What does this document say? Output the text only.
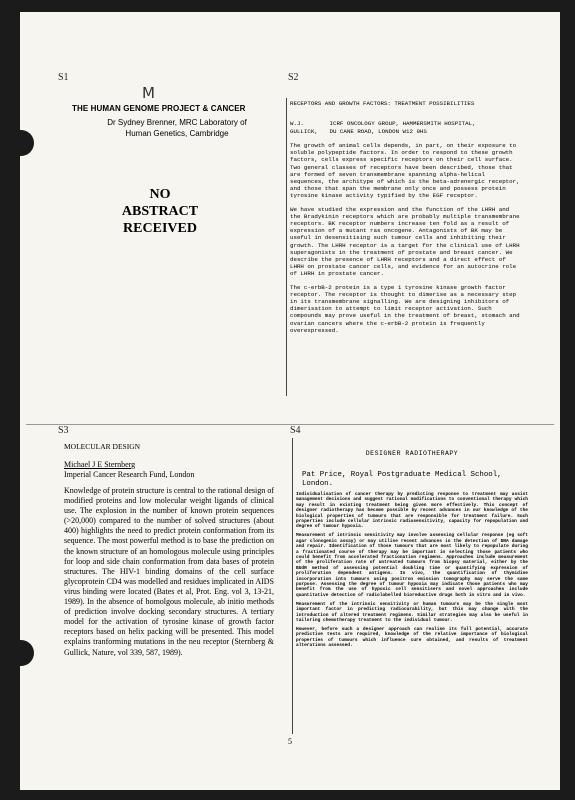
S1
M
THE HUMAN GENOME PROJECT & CANCER
Dr Sydney Brenner, MRC Laboratory of
Human Genetics, Cambridge
NO
ABSTRACT
RECEIVED
S2
RECEPTORS AND GROWTH FACTORS: TREATMENT POSSIBILITIES
W.J. GULLICK,
ICRF ONCOLOGY GROUP, HAMMERSMITH HOSPITAL,
DU CANE ROAD, LONDON W12 0HS

The growth of animal cells depends, in part, on their exposure to soluble polypeptide factors. In order to respond to these growth factors, cells express specific receptors on their cell surface. Two general classes of receptors have been described, those that are formed of seven transmembrane spanning alpha-helical sequences, the architype of which is the beta-adrenergic receptor, and those that span the membrane only once and possess protein tyrosine kinase activity typified by the EGF receptor.

We have studied the expression and the function of the LHRH and the Bradykinin receptors which are probably multiple transmembrane receptors. BK receptor numbers increase ten fold as a result of expression of a mutant ras oncogene. Antagonists of BK may be useful in desensitising such tumour cells and inhibiting their growth. The LHRH receptor is a target for the clinical use of LHRH superagonists in the treatment of prostate and breast cancer. We describe the presence of LHRH receptors and a direct effect of LHRH on prostate cancer cells, and evidence for an autocrine role of LHRH in prostate cancer.

The c-erbB-2 protein is a type 1 tyrosine kinase growth factor receptor. The receptor is thought to dimerise as a necessary step in its transmembrane signalling. We are designing inhibitors of dimerisation to attempt to limit receptor activation. Such compounds may prove useful in the treatment of breast, stomach and ovarian cancers where the c-erbB-2 protein is frequently overexpressed.

S3
MOLECULAR DESIGN
Michael J E Sternberg
Imperial Cancer Research Fund, London
Knowledge of protein structure is central to the rational design of modified proteins and low molecular weight ligands of clinical use. The explosion in the number of known protein sequences (>20,000) compared to the number of solved structures (about 400) highlights the need to predict protein conformation from its sequence. The most powerful method is to base the prediction on the known structure of an homologous molecule using principles for loop and side chain conformation from data bases of protein structures. The HIV-1 binding domains of the cell surface glycoprotein CD4 was modelled and residues implicated in AIDS virus binding were located (Bates et al, Prot. Eng. vol 3, 13-21, 1989). In the absence of homolgous molecule, ab initio methods of prediction involve docking secondary structures. A tertiary model for the activation of tyrosine kinase of growth factor receptors based on helix packing will be presented. This model explains tranforming mutations in the neu receptor (Sternberg & Gullick, Nature, vol 339, 587, 1989).
S4
DESIGNER RADIOTHERAPY
Pat Price, Royal Postgraduate Medical School,
London.

Individualisation of cancer therapy by predicting response to treatment may assist management decisions and suggest rational modifications to conventional therapy which may result in existing treatment being given more effectively. This concept of designer radiotherapy has become possible by recent advances in our knowledge of the biological properties of tumours that are responsible for treatment failure. Such properties include cellular intrinsic radiosensitivity, capacity for repopulation and degree of tumour hypoxia.

Measurement of intrinsic sensitivity may involve assessing cellular response (eg soft agar clonogenic assay) or may utilise recent advances in the detection of DNA damage and repair. Identification of those tumours that are most likely to repopulate during a fractionated course of therapy may be important in selecting those patients who could benefit from accelerated fractionation regimens. Approaches include measurement of the proliferation rate of untreated tumours from biopsy material, either by the BUdR method of assessing potential doubling time or quantifying expression of proliferation dependent antigens. In vivo, the quantification of thymidine incorporation into tumours using positron emission tomography may serve the same purpose. Assessing the degree of tumour hypoxia may indicate those patients who may benefit from the use of hypoxic cell sensitisers and novel approaches include quantitative detection of radiolabelled bioreductive drugs both in vitro and in vivo.

Measurement of the intrinsic sensitivity or human tumours may be the single most important factor in predicting radiocurability, but this may change with the introduction of altered treatment regimens. Similar strategies may also be useful in tailoring chemotherapy treatment to the individual tumour.

However, before such a designer approach can realise its full potential, accurate predictive tests are required, knowledge of the relative importance of biological properties of tumours which influence cure obtained, and results of treatment alterations assessed.

5
